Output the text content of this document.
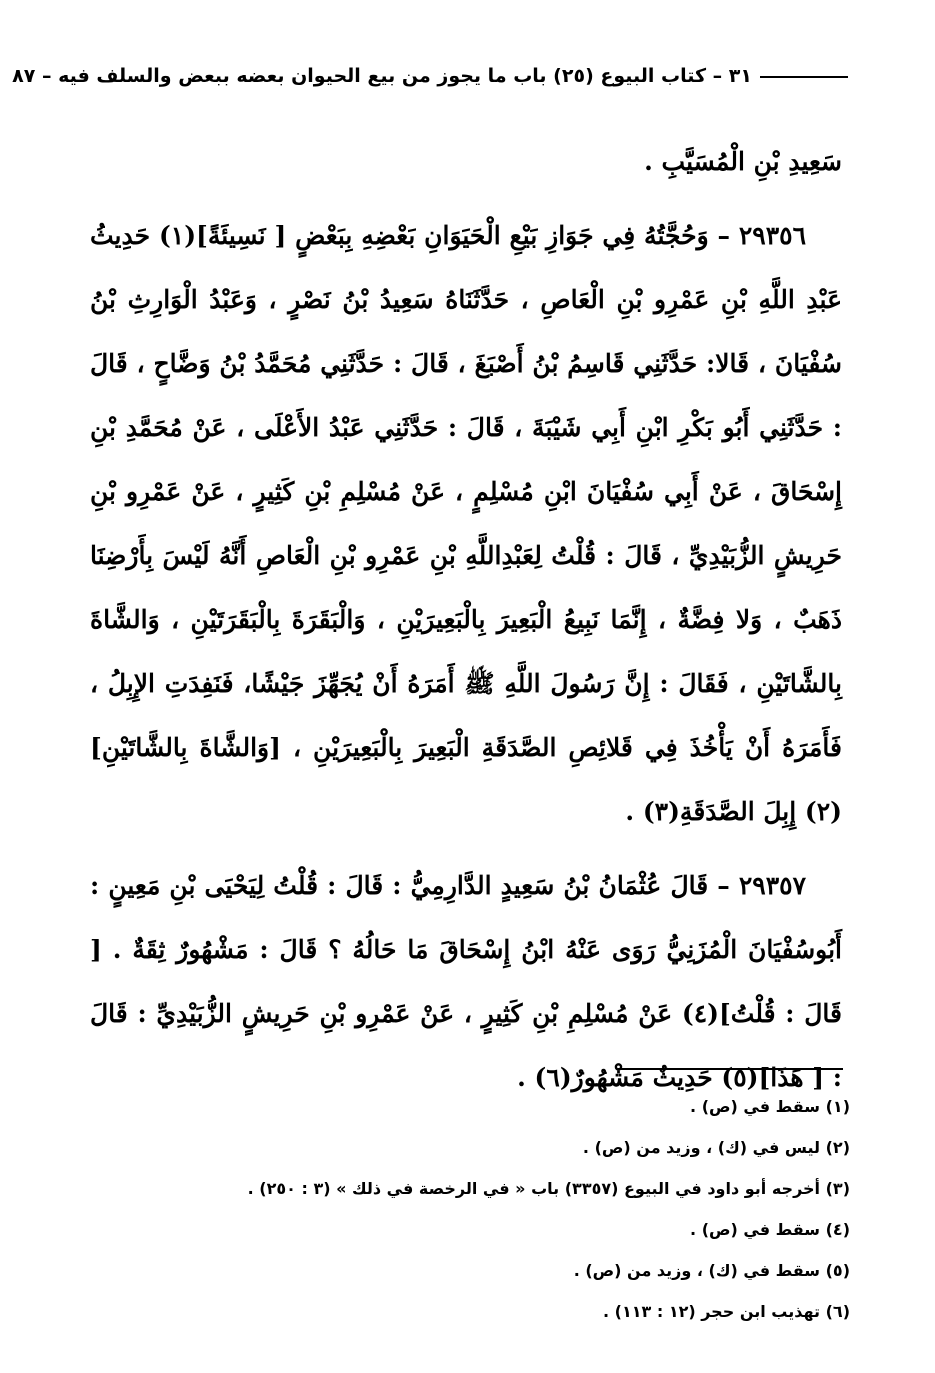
٣١ – كتاب البيوع (٢٥) باب ما يجوز من بيع الحيوان بعضه ببعض والسلف فيه – ٨٧

سَعِيدِ بْنِ الْمُسَيَّبِ .

٢٩٣٥٦ – وَحُجَّتُهُ فِي جَوَازِ بَيْعِ الْحَيَوَانِ بَعْضِهِ بِبَعْضٍ [ نَسِيئَةً](١) حَدِيثُ عَبْدِ اللَّهِ بْنِ عَمْرِو بْنِ الْعَاصِ ، حَدَّثَنَاهُ سَعِيدُ بْنُ نَصْرٍ ، وَعَبْدُ الْوَارِثِ بْنُ سُفْيَانَ ، قَالا: حَدَّثَنِي قَاسِمُ بْنُ أَصْبَغَ ، قَالَ : حَدَّثَنِي مُحَمَّدُ بْنُ وَضَّاحٍ ، قَالَ : حَدَّثَنِي أَبُو بَكْرِ ابْنِ أَبِي شَيْبَةَ ، قَالَ : حَدَّثَنِي عَبْدُ الأَعْلَى ، عَنْ مُحَمَّدِ بْنِ إِسْحَاقَ ، عَنْ أَبِي سُفْيَانَ ابْنِ مُسْلِمٍ ، عَنْ مُسْلِمِ بْنِ كَثِيرٍ ، عَنْ عَمْرِو بْنِ حَرِيشٍ الزُّبَيْدِيِّ ، قَالَ : قُلْتُ لِعَبْدِاللَّهِ بْنِ عَمْرِو بْنِ الْعَاصِ أَنَّهُ لَيْسَ بِأَرْضِنَا ذَهَبٌ ، وَلا فِضَّةٌ ، إِنَّمَا نَبِيعُ الْبَعِيرَ بِالْبَعِيرَيْنِ ، وَالْبَقَرَةَ بِالْبَقَرَتَيْنِ ، وَالشَّاةَ بِالشَّاتَيْنِ ، فَقَالَ : إِنَّ رَسُولَ اللَّهِ ﷺ أَمَرَهُ أَنْ يُجَهِّزَ جَيْشًا، فَنَفِدَتِ الإِبِلُ ، فَأَمَرَهُ أَنْ يَأْخُذَ فِي قَلائِصِ الصَّدَقَةِ الْبَعِيرَ بِالْبَعِيرَيْنِ ، [وَالشَّاةَ بِالشَّاتَيْنِ](٢) إِبِلَ الصَّدَقَةِ(٣) .

٢٩٣٥٧ – قَالَ عُثْمَانُ بْنُ سَعِيدٍ الدَّارِمِيُّ : قَالَ : قُلْتُ لِيَحْيَى بْنِ مَعِينٍ : أَبُوسُفْيَانَ الْمُزَنِيُّ رَوَى عَنْهُ ابْنُ إِسْحَاقَ مَا حَالُهُ ؟ قَالَ : مَشْهُورٌ ثِقَةٌ . [ قَالَ : قُلْتُ](٤) عَنْ مُسْلِمِ بْنِ كَثِيرٍ ، عَنْ عَمْرِو بْنِ حَرِيشٍ الزُّبَيْدِيِّ : قَالَ : [ هَذَا](٥) حَدِيثٌ مَشْهُورٌ(٦) .

(١) سقط في (ص) .
(٢) ليس في (ك) ، وزيد من (ص) .
(٣) أخرجه أبو داود في البيوع (٣٣٥٧) باب « في الرخصة في ذلك » (٣ : ٢٥٠) .
(٤) سقط في (ص) .
(٥) سقط في (ك) ، وزيد من (ص) .
(٦) تهذيب ابن حجر (١٢ : ١١٣) .
